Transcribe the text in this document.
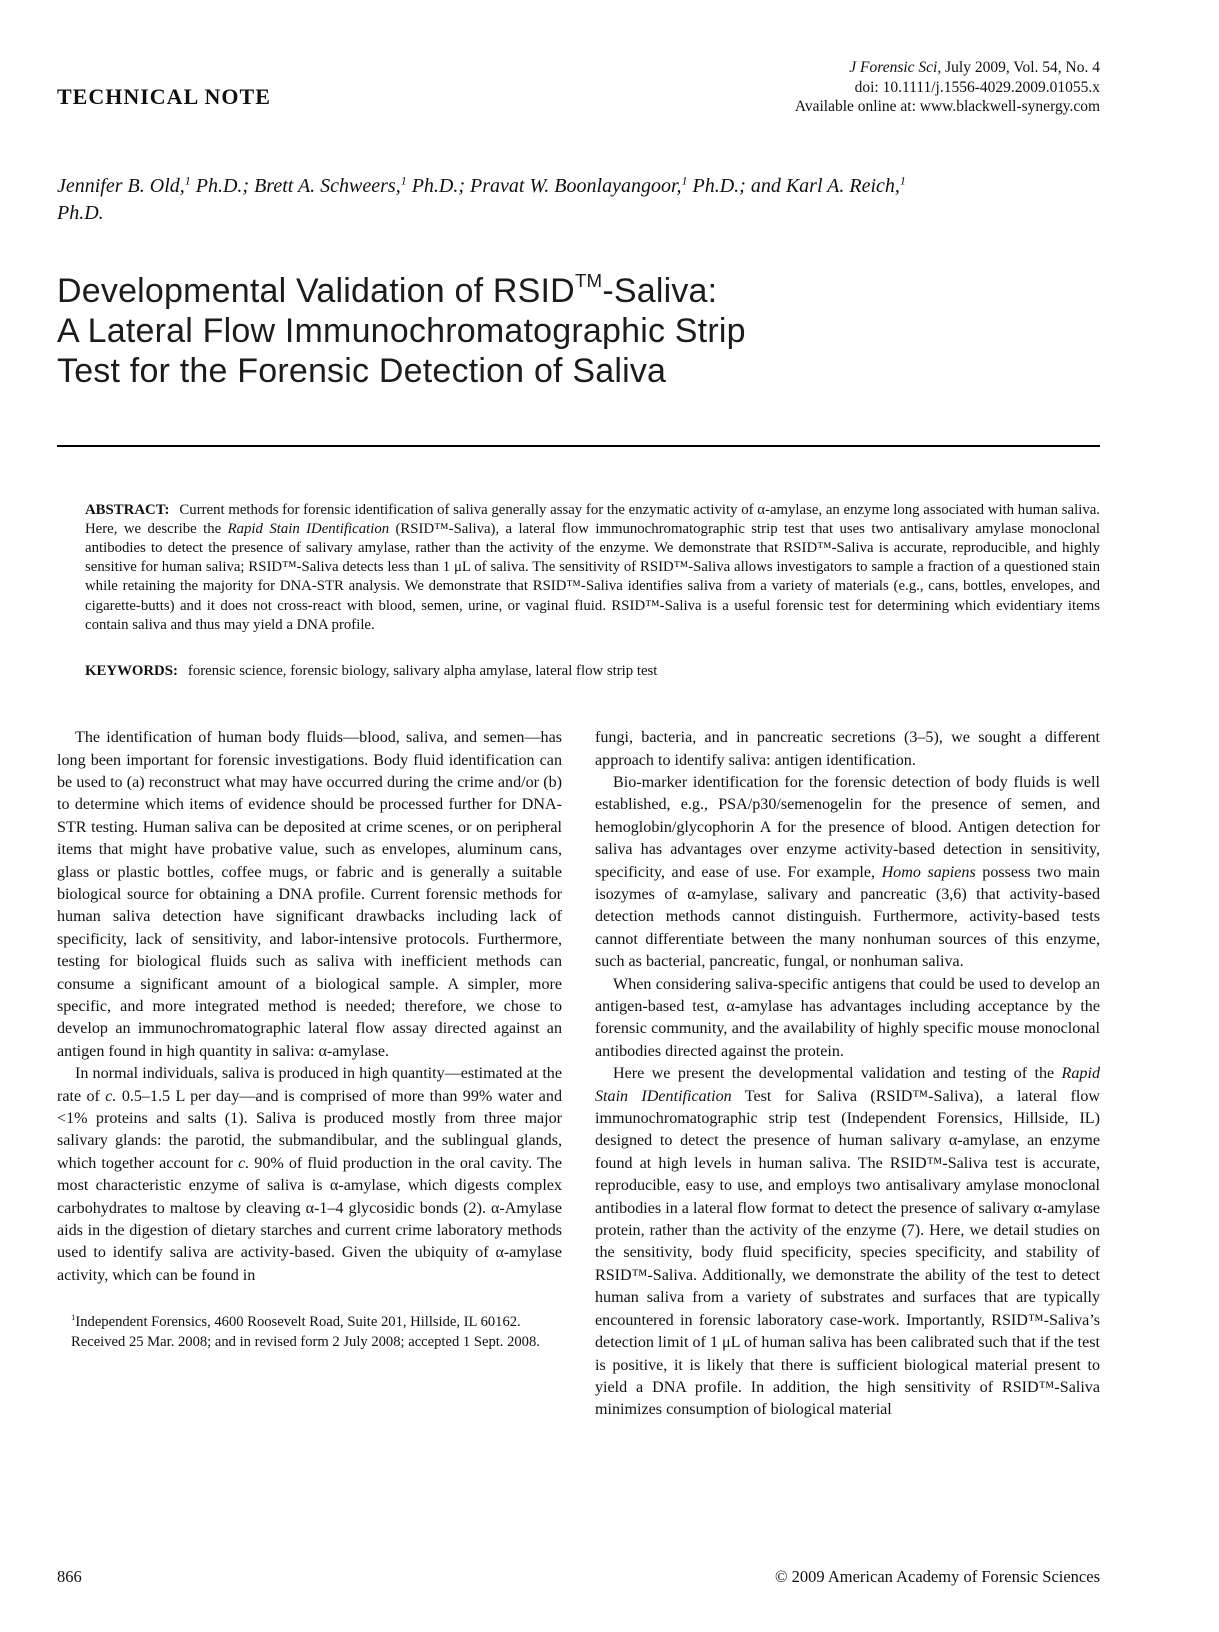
TECHNICAL NOTE
J Forensic Sci, July 2009, Vol. 54, No. 4
doi: 10.1111/j.1556-4029.2009.01055.x
Available online at: www.blackwell-synergy.com
Jennifer B. Old,$^1$ Ph.D.; Brett A. Schweers,$^1$ Ph.D.; Pravat W. Boonlayangoor,$^1$ Ph.D.; and Karl A. Reich,$^1$ Ph.D.
Developmental Validation of RSID™-Saliva:
A Lateral Flow Immunochromatographic Strip
Test for the Forensic Detection of Saliva

ABSTRACT: Current methods for forensic identification of saliva generally assay for the enzymatic activity of α-amylase, an enzyme long associated with human saliva. Here, we describe the Rapid Stain IDentification (RSID™-Saliva), a lateral flow immunochromatographic strip test that uses two antisalivary amylase monoclonal antibodies to detect the presence of salivary amylase, rather than the activity of the enzyme. We demonstrate that RSID™-Saliva is accurate, reproducible, and highly sensitive for human saliva; RSID™-Saliva detects less than 1 μL of saliva. The sensitivity of RSID™-Saliva allows investigators to sample a fraction of a questioned stain while retaining the majority for DNA-STR analysis. We demonstrate that RSID™-Saliva identifies saliva from a variety of materials (e.g., cans, bottles, envelopes, and cigarette-butts) and it does not cross-react with blood, semen, urine, or vaginal fluid. RSID™-Saliva is a useful forensic test for determining which evidentiary items contain saliva and thus may yield a DNA profile.

KEYWORDS: forensic science, forensic biology, salivary alpha amylase, lateral flow strip test

The identification of human body fluids—blood, saliva, and semen—has long been important for forensic investigations. Body fluid identification can be used to (a) reconstruct what may have occurred during the crime and/or (b) to determine which items of evidence should be processed further for DNA-STR testing. Human saliva can be deposited at crime scenes, or on peripheral items that might have probative value, such as envelopes, aluminum cans, glass or plastic bottles, coffee mugs, or fabric and is generally a suitable biological source for obtaining a DNA profile. Current forensic methods for human saliva detection have significant drawbacks including lack of specificity, lack of sensitivity, and labor-intensive protocols. Furthermore, testing for biological fluids such as saliva with inefficient methods can consume a significant amount of a biological sample. A simpler, more specific, and more integrated method is needed; therefore, we chose to develop an immunochromatographic lateral flow assay directed against an antigen found in high quantity in saliva: α-amylase.

In normal individuals, saliva is produced in high quantity—estimated at the rate of c. 0.5–1.5 L per day—and is comprised of more than 99% water and <1% proteins and salts (1). Saliva is produced mostly from three major salivary glands: the parotid, the submandibular, and the sublingual glands, which together account for c. 90% of fluid production in the oral cavity. The most characteristic enzyme of saliva is α-amylase, which digests complex carbohydrates to maltose by cleaving α-1–4 glycosidic bonds (2). α-Amylase aids in the digestion of dietary starches and current crime laboratory methods used to identify saliva are activity-based. Given the ubiquity of α-amylase activity, which can be found in

$^1$Independent Forensics, 4600 Roosevelt Road, Suite 201, Hillside, IL 60162.

Received 25 Mar. 2008; and in revised form 2 July 2008; accepted 1 Sept. 2008.

fungi, bacteria, and in pancreatic secretions (3–5), we sought a different approach to identify saliva: antigen identification.

Bio-marker identification for the forensic detection of body fluids is well established, e.g., PSA/p30/semenogelin for the presence of semen, and hemoglobin/glycophorin A for the presence of blood. Antigen detection for saliva has advantages over enzyme activity-based detection in sensitivity, specificity, and ease of use. For example, Homo sapiens possess two main isozymes of α-amylase, salivary and pancreatic (3,6) that activity-based detection methods cannot distinguish. Furthermore, activity-based tests cannot differentiate between the many nonhuman sources of this enzyme, such as bacterial, pancreatic, fungal, or nonhuman saliva.

When considering saliva-specific antigens that could be used to develop an antigen-based test, α-amylase has advantages including acceptance by the forensic community, and the availability of highly specific mouse monoclonal antibodies directed against the protein.

Here we present the developmental validation and testing of the Rapid Stain IDentification Test for Saliva (RSID™-Saliva), a lateral flow immunochromatographic strip test (Independent Forensics, Hillside, IL) designed to detect the presence of human salivary α-amylase, an enzyme found at high levels in human saliva. The RSID™-Saliva test is accurate, reproducible, easy to use, and employs two antisalivary amylase monoclonal antibodies in a lateral flow format to detect the presence of salivary α-amylase protein, rather than the activity of the enzyme (7). Here, we detail studies on the sensitivity, body fluid specificity, species specificity, and stability of RSID™-Saliva. Additionally, we demonstrate the ability of the test to detect human saliva from a variety of substrates and surfaces that are typically encountered in forensic laboratory case-work. Importantly, RSID™-Saliva’s detection limit of 1 μL of human saliva has been calibrated such that if the test is positive, it is likely that there is sufficient biological material present to yield a DNA profile. In addition, the high sensitivity of RSID™-Saliva minimizes consumption of biological material

866	© 2009 American Academy of Forensic Sciences
